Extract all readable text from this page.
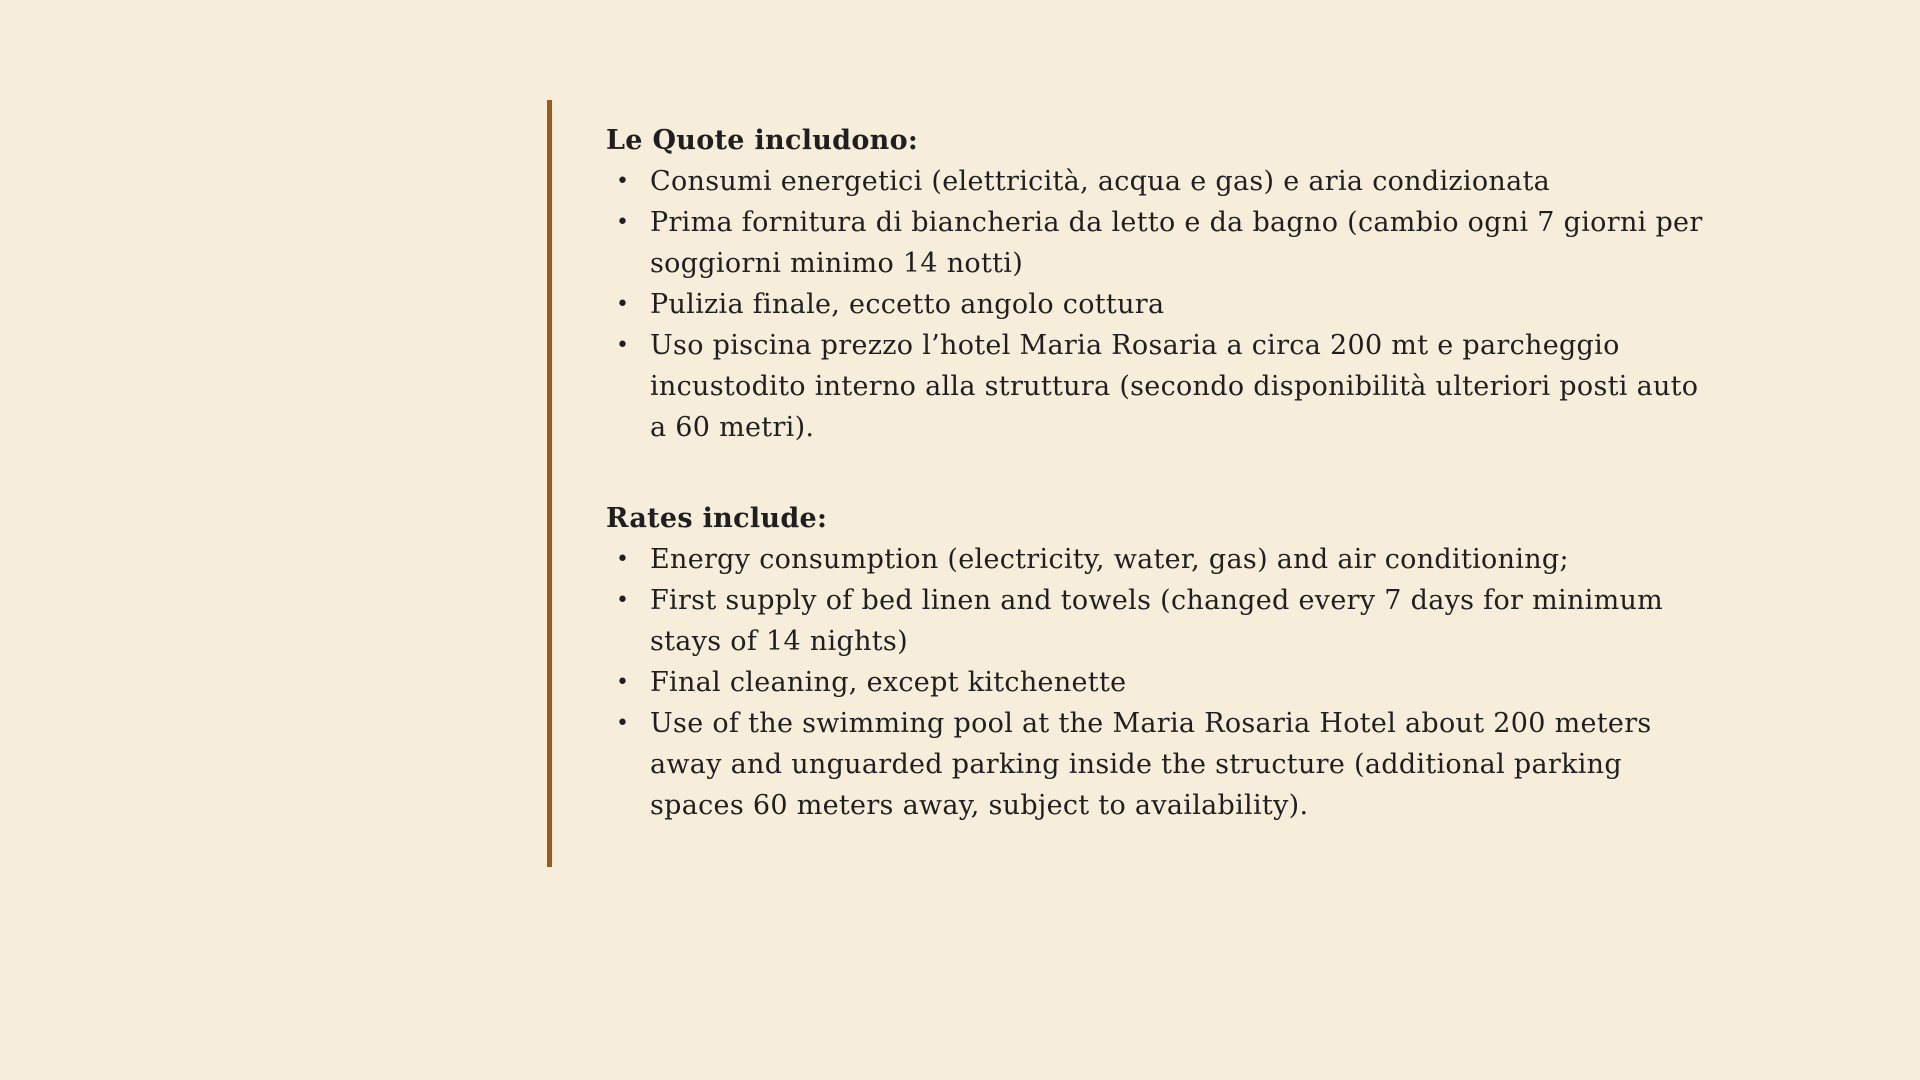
Le Quote includono:

• Consumi energetici (elettricità, acqua e gas) e aria condizionata
• Prima fornitura di biancheria da letto e da bagno (cambio ogni 7 giorni per soggiorni minimo 14 notti)
• Pulizia finale, eccetto angolo cottura
• Uso piscina prezzo l’hotel Maria Rosaria a circa 200 mt e parcheggio incustodito interno alla struttura (secondo disponibilità ulteriori posti auto a 60 metri).

Rates include:

• Energy consumption (electricity, water, gas) and air conditioning;
• First supply of bed linen and towels (changed every 7 days for minimum stays of 14 nights)
• Final cleaning, except kitchenette
• Use of the swimming pool at the Maria Rosaria Hotel about 200 meters away and unguarded parking inside the structure (additional parking spaces 60 meters away, subject to availability).
